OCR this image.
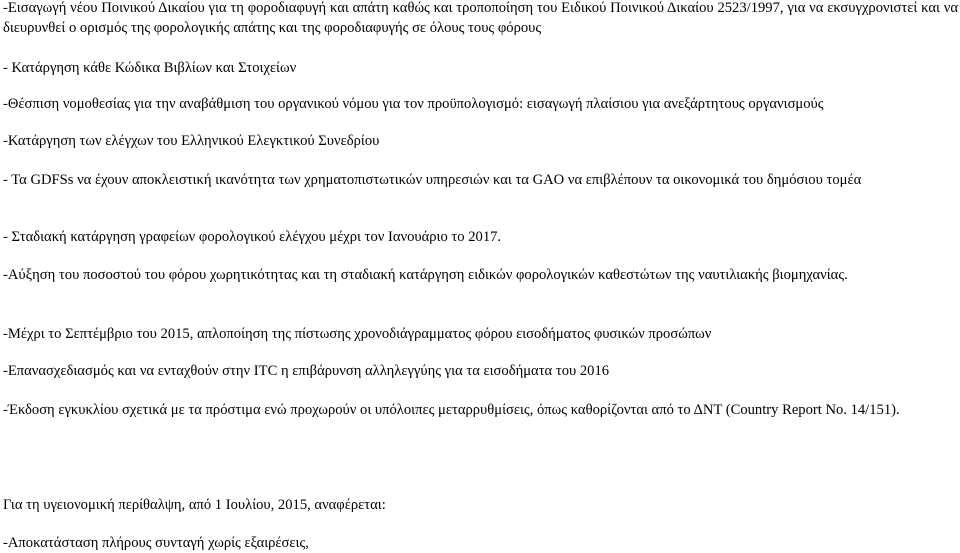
-Εισαγωγή νέου Ποινικού Δικαίου για τη φοροδιαφυγή και απάτη καθώς και τροποποίηση του Ειδικού Ποινικού Δικαίου 2523/1997, για να εκσυγχρονιστεί και να διευρυνθεί ο ορισμός της φορολογικής απάτης και της φοροδιαφυγής σε όλους τους φόρους

- Κατάργηση κάθε Κώδικα Βιβλίων και Στοιχείων

-Θέσπιση νομοθεσίας για την αναβάθμιση του οργανικού νόμου για τον προϋπολογισμό: εισαγωγή πλαίσιου για ανεξάρτητους οργανισμούς

-Κατάργηση των ελέγχων του Ελληνικού Ελεγκτικού Συνεδρίου

- Τα GDFSs να έχουν αποκλειστική ικανότητα των χρηματοπιστωτικών υπηρεσιών και τα GAO να επιβλέπουν τα οικονομικά του δημόσιου τομέα

- Σταδιακή κατάργηση γραφείων φορολογικού ελέγχου μέχρι τον Ιανουάριο το 2017.

-Αύξηση του ποσοστού του φόρου χωρητικότητας και τη σταδιακή κατάργηση ειδικών φορολογικών καθεστώτων της ναυτιλιακής βιομηχανίας.

-Μέχρι το Σεπτέμβριο του 2015, απλοποίηση της πίστωσης χρονοδιάγραμματος φόρου εισοδήματος φυσικών προσώπων

-Επανασχεδιασμός και να ενταχθούν στην ITC η επιβάρυνση αλληλεγγύης για τα εισοδήματα του 2016

-Έκδοση εγκυκλίου σχετικά με τα πρόστιμα ενώ προχωρούν οι υπόλοιπες μεταρρυθμίσεις, όπως καθορίζονται από το ΔΝΤ (Country Report No. 14/151).

Για τη υγειονομική περίθαλψη, από 1 Ιουλίου, 2015, αναφέρεται:

-Αποκατάσταση πλήρους συνταγή χωρίς εξαιρέσεις,
